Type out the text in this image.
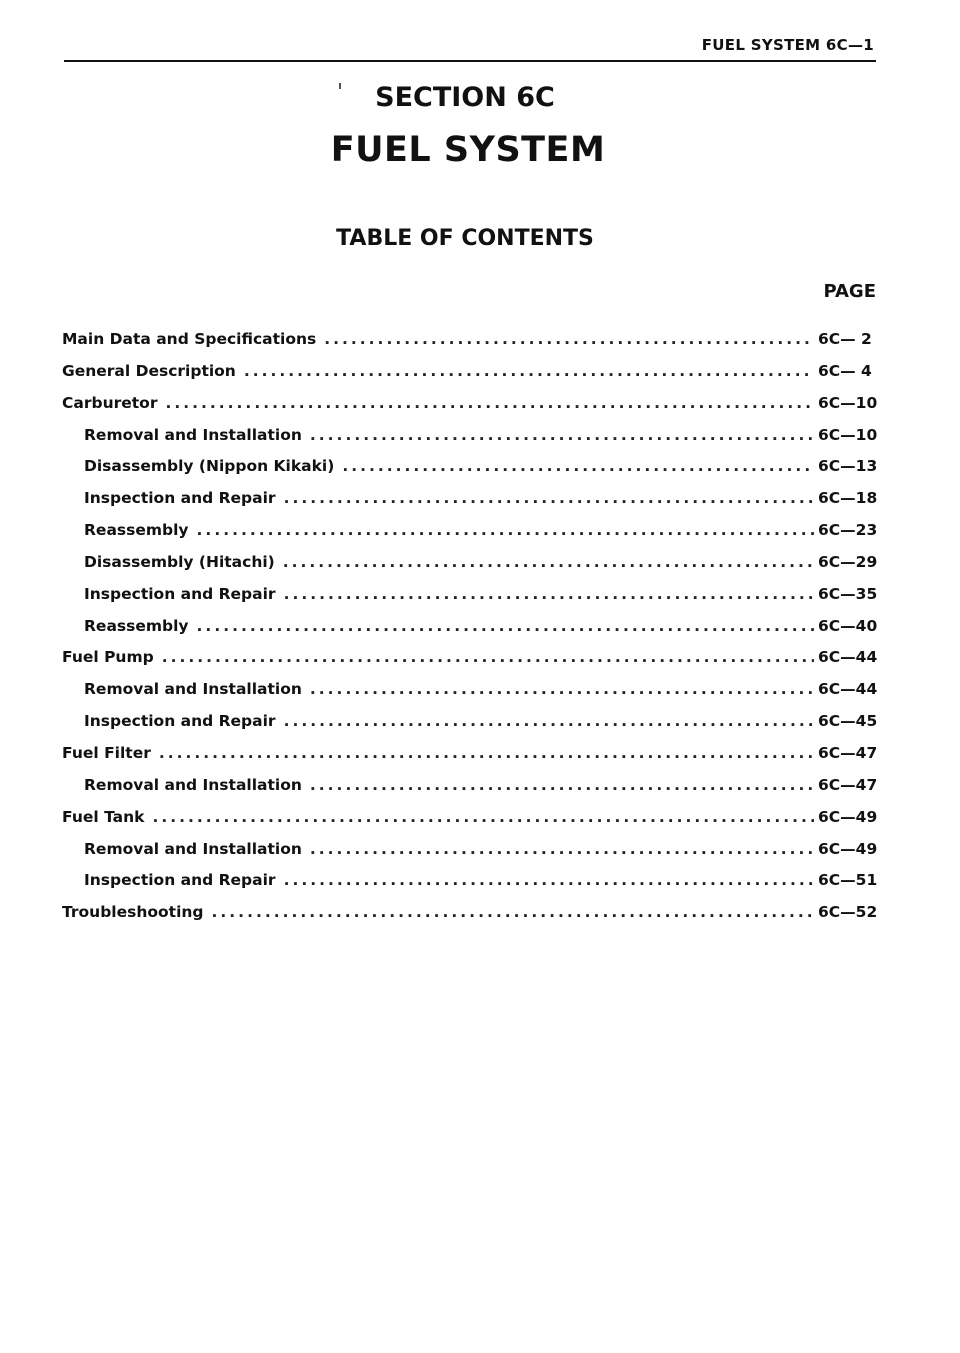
FUEL SYSTEM 6C—1
SECTION 6C
FUEL SYSTEM
TABLE OF CONTENTS
PAGE
Main Data and Specifications . . .	6C— 2
General Description . . .	6C— 4
Carburetor . . .	6C—10
Removal and Installation . . .	6C—10
Disassembly (Nippon Kikaki) . . .	6C—13
Inspection and Repair . . .	6C—18
Reassembly . . .	6C—23
Disassembly (Hitachi) . . .	6C—29
Inspection and Repair . . .	6C—35
Reassembly . . .	6C—40
Fuel Pump . . .	6C—44
Removal and Installation . . .	6C—44
Inspection and Repair . . .	6C—45
Fuel Filter . . .	6C—47
Removal and Installation . . .	6C—47
Fuel Tank . . .	6C—49
Removal and Installation . . .	6C—49
Inspection and Repair . . .	6C—51
Troubleshooting . . .	6C—52
